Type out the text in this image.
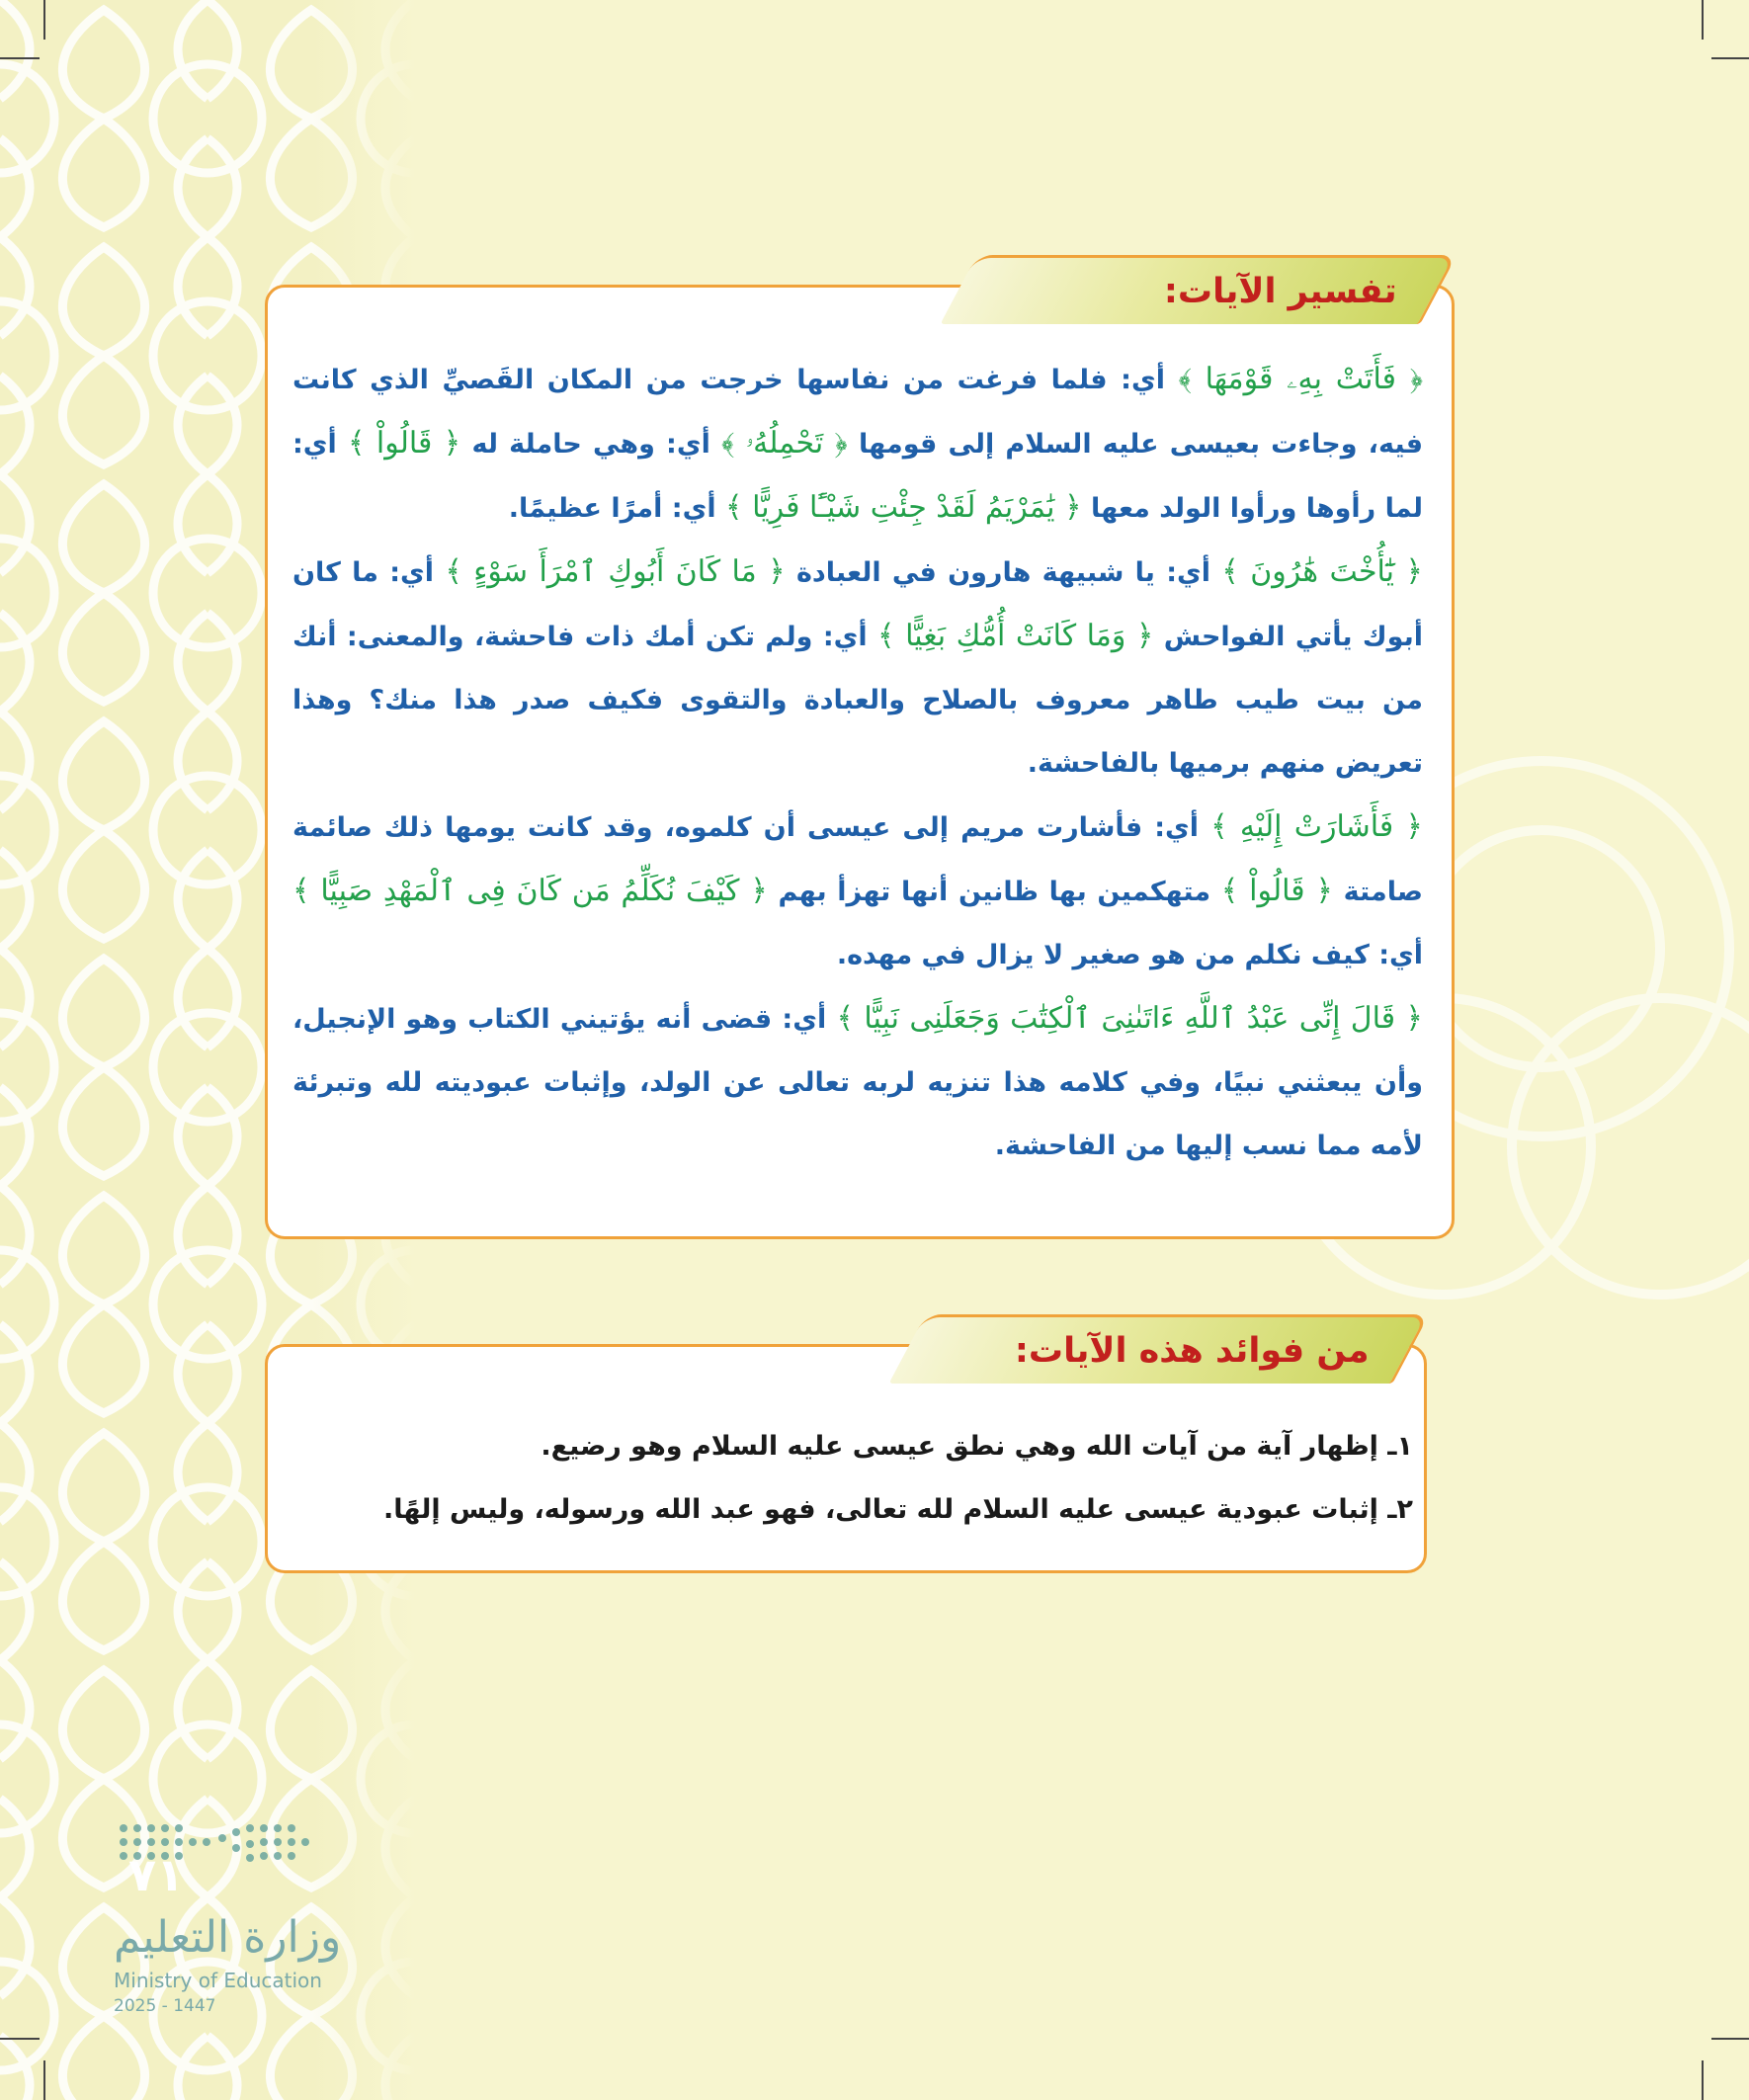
تفسير الآيات:

﴿ فَأَتَتْ بِهِۦ قَوْمَهَا ﴾ أي: فلما فرغت من نفاسها خرجت من المكان القَصيِّ الذي كانت فيه، وجاءت بعيسى عليه السلام إلى قومها ﴿ تَحْمِلُهُۥ ﴾ أي: وهي حاملة له ﴿ قَالُواْ ﴾ أي: لما رأوها ورأوا الولد معها ﴿ يَٰمَرْيَمُ لَقَدْ جِئْتِ شَيْـًٔا فَرِيًّا ﴾ أي: أمرًا عظيمًا.

﴿ يَٰٓأُخْتَ هَٰرُونَ ﴾ أي: يا شبيهة هارون في العبادة ﴿ مَا كَانَ أَبُوكِ ٱمْرَأَ سَوْءٍ ﴾ أي: ما كان أبوك يأتي الفواحش ﴿ وَمَا كَانَتْ أُمُّكِ بَغِيًّا ﴾ أي: ولم تكن أمك ذات فاحشة، والمعنى: أنك من بيت طيب طاهر معروف بالصلاح والعبادة والتقوى فكيف صدر هذا منك؟ وهذا تعريض منهم برميها بالفاحشة.

﴿ فَأَشَارَتْ إِلَيْهِ ﴾ أي: فأشارت مريم إلى عيسى أن كلموه، وقد كانت يومها ذلك صائمة صامتة ﴿ قَالُواْ ﴾ متهكمين بها ظانين أنها تهزأ بهم ﴿ كَيْفَ نُكَلِّمُ مَن كَانَ فِى ٱلْمَهْدِ صَبِيًّا ﴾ أي: كيف نكلم من هو صغير لا يزال في مهده.

﴿ قَالَ إِنِّى عَبْدُ ٱللَّهِ ءَاتَىٰنِىَ ٱلْكِتَٰبَ وَجَعَلَنِى نَبِيًّا ﴾ أي: قضى أنه يؤتيني الكتاب وهو الإنجيل، وأن يبعثني نبيًا، وفي كلامه هذا تنزيه لربه تعالى عن الولد، وإثبات عبوديته لله وتبرئة لأمه مما نسب إليها من الفاحشة.

من فوائد هذه الآيات:

١ـ إظهار آية من آيات الله وهي نطق عيسى عليه السلام وهو رضيع.

٢ـ إثبات عبودية عيسى عليه السلام لله تعالى، فهو عبد الله ورسوله، وليس إلهًا.

٧١
وزارة التعليم
Ministry of Education
2025 - 1447
